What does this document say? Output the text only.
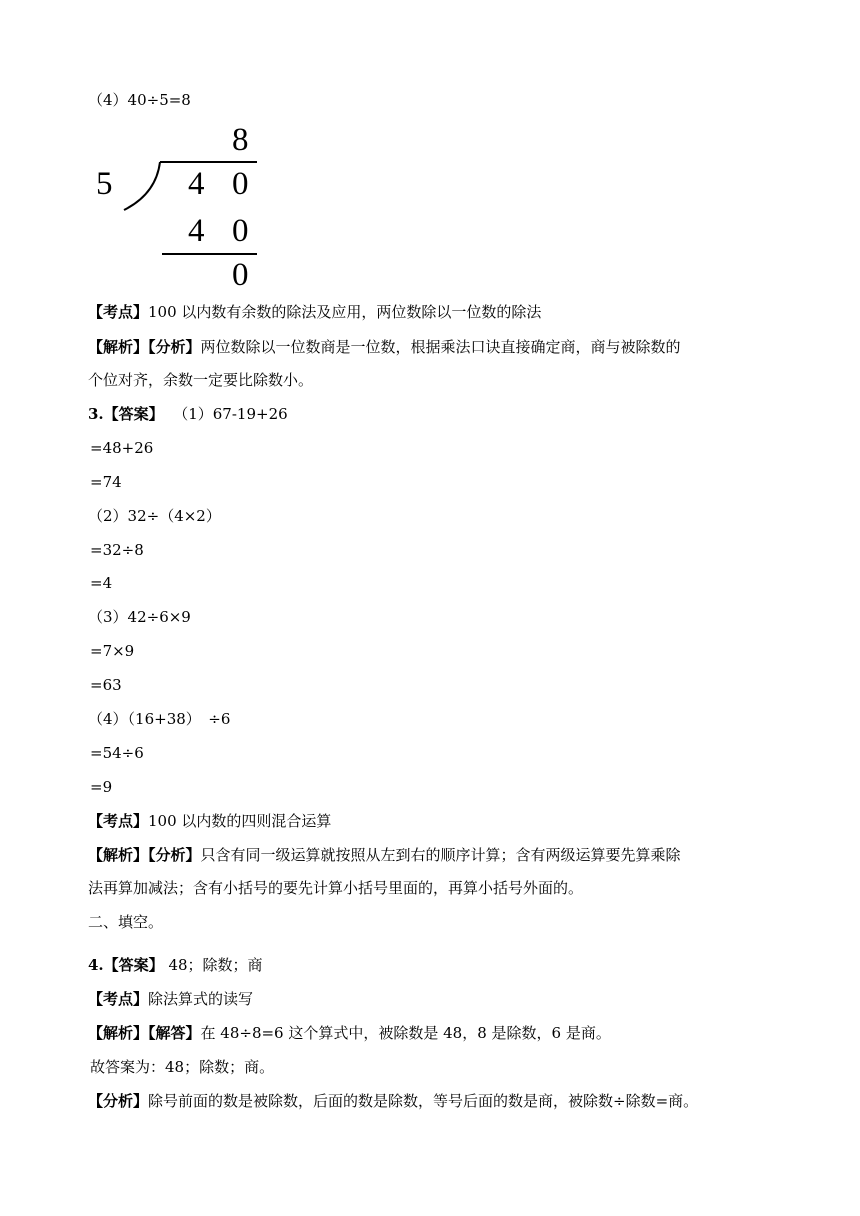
（4）40÷5=8
8
5 4 0
4 0
0
【考点】100 以内数有余数的除法及应用，两位数除以一位数的除法
【解析】【分析】两位数除以一位数商是一位数，根据乘法口诀直接确定商，商与被除数的
个位对齐，余数一定要比除数小。
3.【答案】 （1）67-19+26
=48+26
=74
（2）32÷（4×2）
=32÷8
=4
（3）42÷6×9
=7×9
=63
（4）（16+38）　÷6
=54÷6
=9
【考点】100 以内数的四则混合运算
【解析】【分析】只含有同一级运算就按照从左到右的顺序计算；含有两级运算要先算乘除
法再算加减法；含有小括号的要先计算小括号里面的，再算小括号外面的。
二、填空。
4.【答案】 48；除数；商
【考点】除法算式的读写
【解析】【解答】在 48÷8=6 这个算式中，被除数是 48，8 是除数，6 是商。
故答案为：48；除数；商。
【分析】除号前面的数是被除数，后面的数是除数，等号后面的数是商，被除数÷除数=商。
